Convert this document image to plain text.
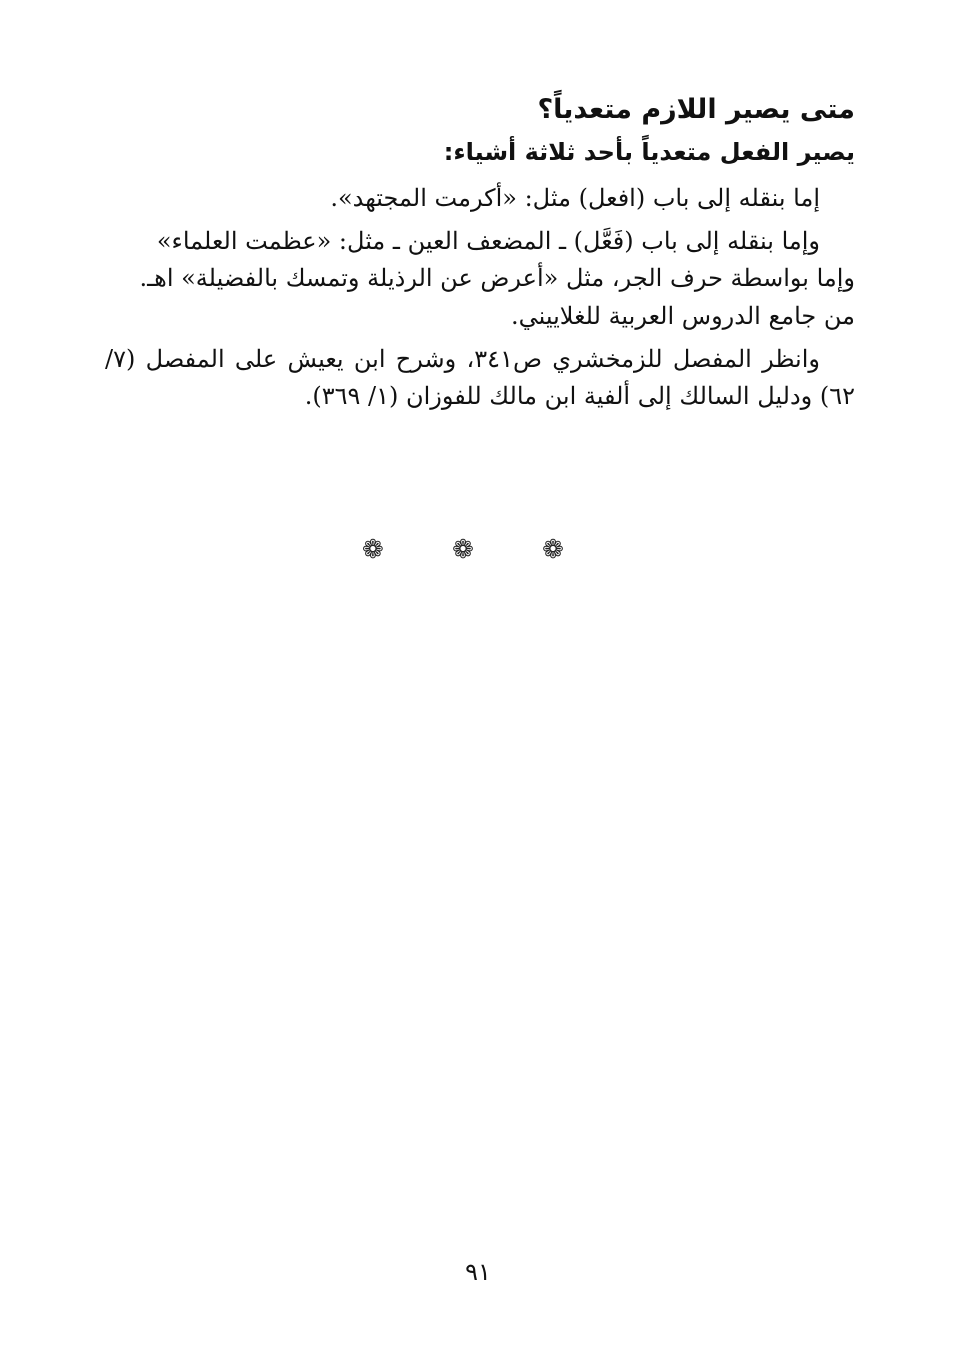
متى يصير اللازم متعدياً؟

يصير الفعل متعدياً بأحد ثلاثة أشياء:

إما بنقله إلى باب (افعل) مثل: «أكرمت المجتهد».

وإما بنقله إلى باب (فَعَّل) ـ المضعف العين ـ مثل: «عظمت العلماء»

وإما بواسطة حرف الجر، مثل «أعرض عن الرذيلة وتمسك بالفضيلة» اهـ.

من جامع الدروس العربية للغلاييني.

وانظر المفصل للزمخشري ص٣٤١، وشرح ابن يعيش على المفصل (٧/ ٦٢) ودليل السالك إلى ألفية ابن مالك للفوزان (١/ ٣٦٩).

❁ ❁ ❁
٩١
